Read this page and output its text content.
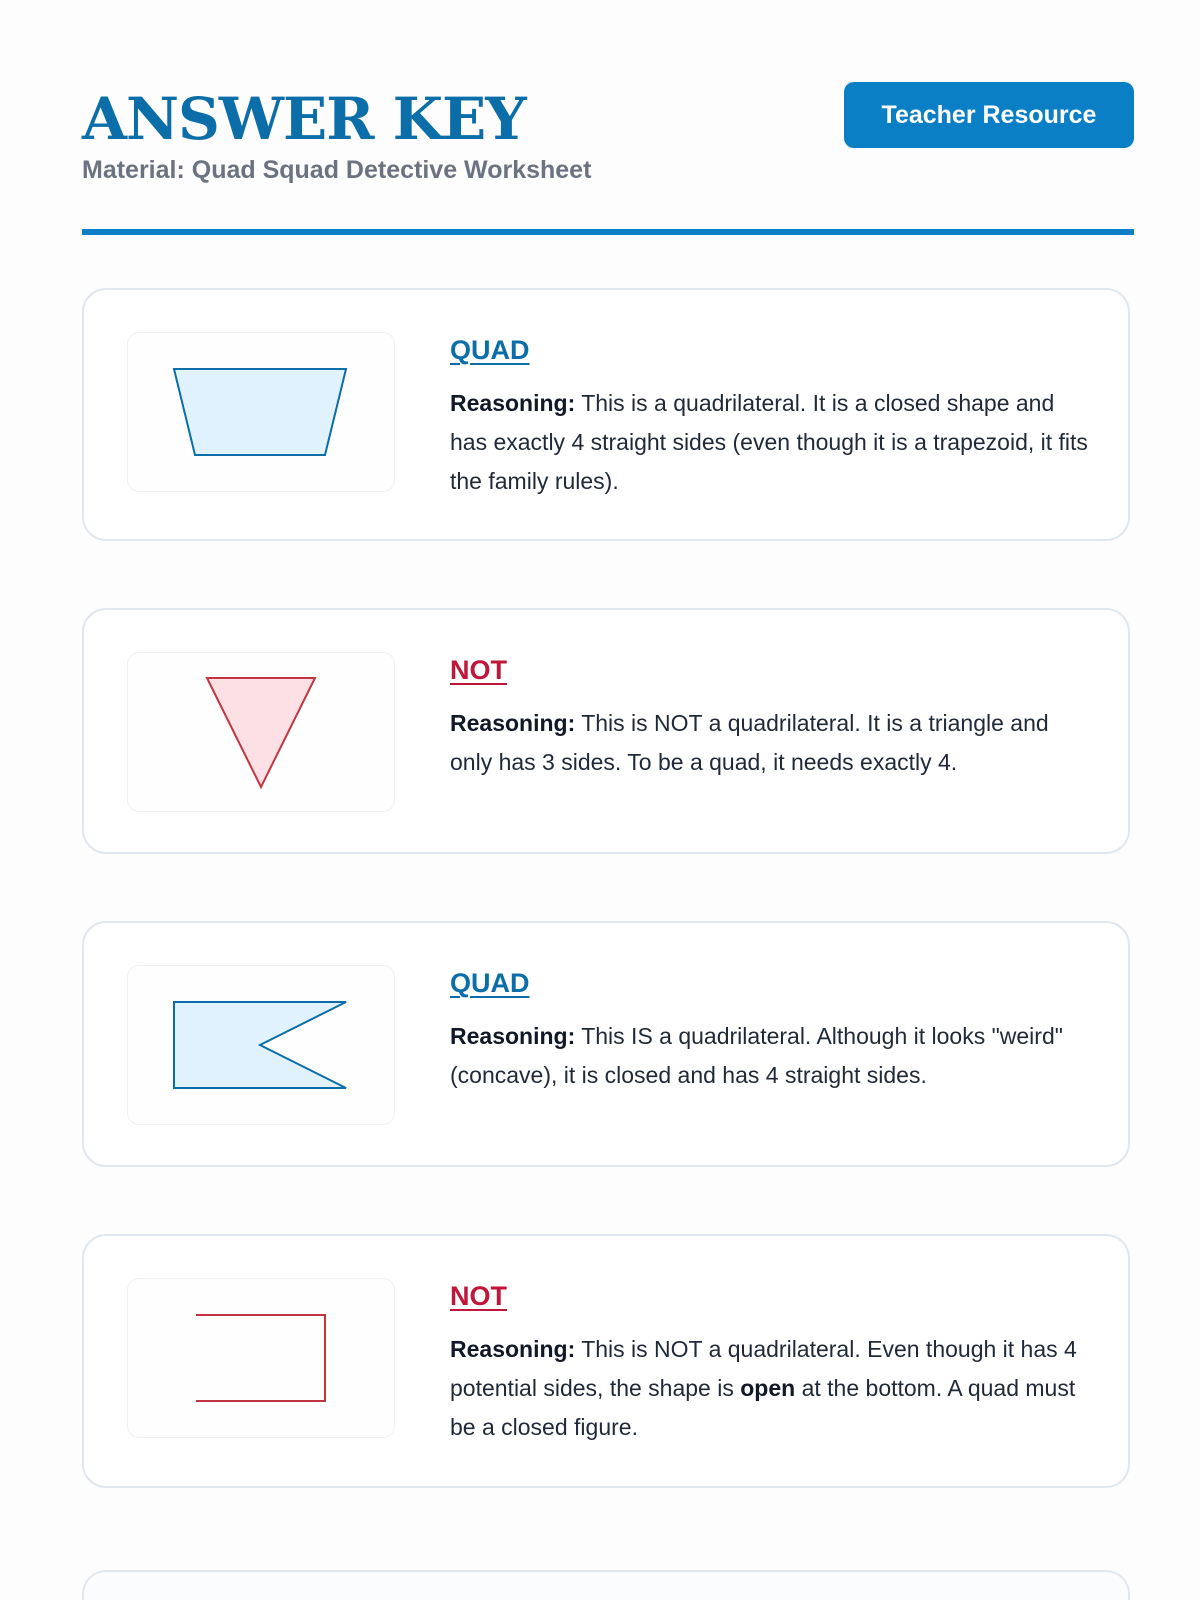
ANSWER KEY
Material: Quad Squad Detective Worksheet
Teacher Resource
QUAD

Reasoning: This is a quadrilateral. It is a closed shape and has exactly 4 straight sides (even though it is a trapezoid, it fits the family rules).

NOT

Reasoning: This is NOT a quadrilateral. It is a triangle and only has 3 sides. To be a quad, it needs exactly 4.

QUAD

Reasoning: This IS a quadrilateral. Although it looks "weird" (concave), it is closed and has 4 straight sides.

NOT

Reasoning: This is NOT a quadrilateral. Even though it has 4 potential sides, the shape is open at the bottom. A quad must be a closed figure.
